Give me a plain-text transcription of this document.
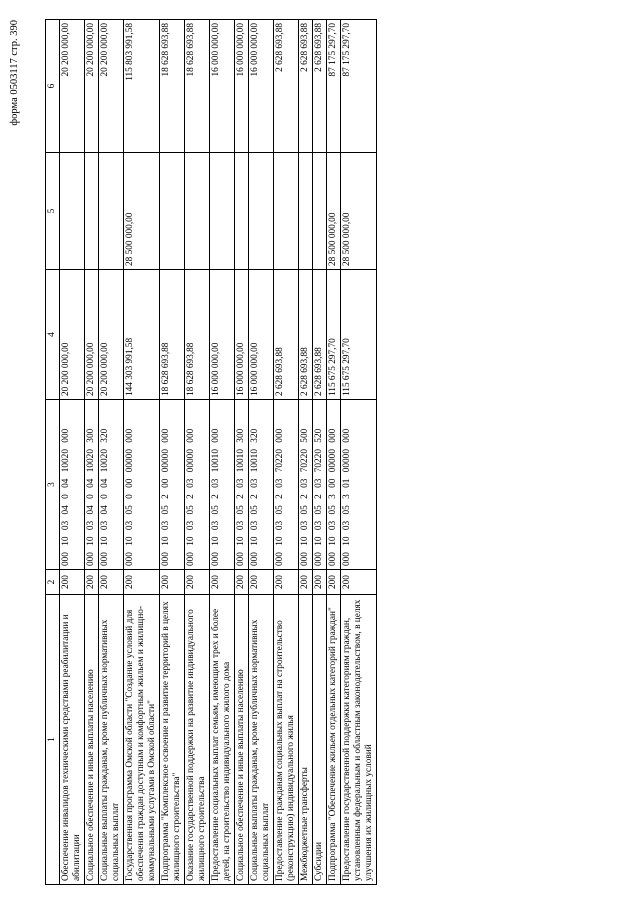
форма 0503117 стр. 390
1	2	3	4	5	6
Обеспечение инвалидов техническими средствами реабилитации и абилитации	200	000 10 03 04 0 04 10020 000	20 200 000,00		20 200 000,00
Социальное обеспечение и иные выплаты населению	200	000 10 03 04 0 04 10020 300	20 200 000,00		20 200 000,00
Социальные выплаты гражданам, кроме публичных нормативных социальных выплат	200	000 10 03 04 0 04 10020 320	20 200 000,00		20 200 000,00
Государственная программа Омской области "Создание условий для обеспечения граждан доступным и комфортным жильем и жилищно-коммунальными услугами в Омской области"	200	000 10 03 05 0 00 00000 000	144 303 991,58	28 500 000,00	115 803 991,58
Подпрограмма "Комплексное освоение и развитие территорий в целях жилищного строительства"	200	000 10 03 05 2 00 00000 000	18 628 693,88		18 628 693,88
Оказание государственной поддержки на развитие индивидуального жилищного строительства	200	000 10 03 05 2 03 00000 000	18 628 693,88		18 628 693,88
Предоставление социальных выплат семьям, имеющим трех и более детей, на строительство индивидуального жилого дома	200	000 10 03 05 2 03 10010 000	16 000 000,00		16 000 000,00
Социальное обеспечение и иные выплаты населению	200	000 10 03 05 2 03 10010 300	16 000 000,00		16 000 000,00
Социальные выплаты гражданам, кроме публичных нормативных социальных выплат	200	000 10 03 05 2 03 10010 320	16 000 000,00		16 000 000,00
Предоставление гражданам социальных выплат на строительство (реконструкцию) индивидуального жилья	200	000 10 03 05 2 03 70220 000	2 628 693,88		2 628 693,88
Межбюджетные трансферты	200	000 10 03 05 2 03 70220 500	2 628 693,88		2 628 693,88
Субсидии	200	000 10 03 05 2 03 70220 520	2 628 693,88		2 628 693,88
Подпрограмма "Обеспечение жильем отдельных категорий граждан"	200	000 10 03 05 3 00 00000 000	115 675 297,70	28 500 000,00	87 175 297,70
Предоставление государственной поддержки категориям граждан, установленным федеральным и областным законодательством, в целях улучшения их жилищных условий	200	000 10 03 05 3 01 00000 000	115 675 297,70	28 500 000,00	87 175 297,70
